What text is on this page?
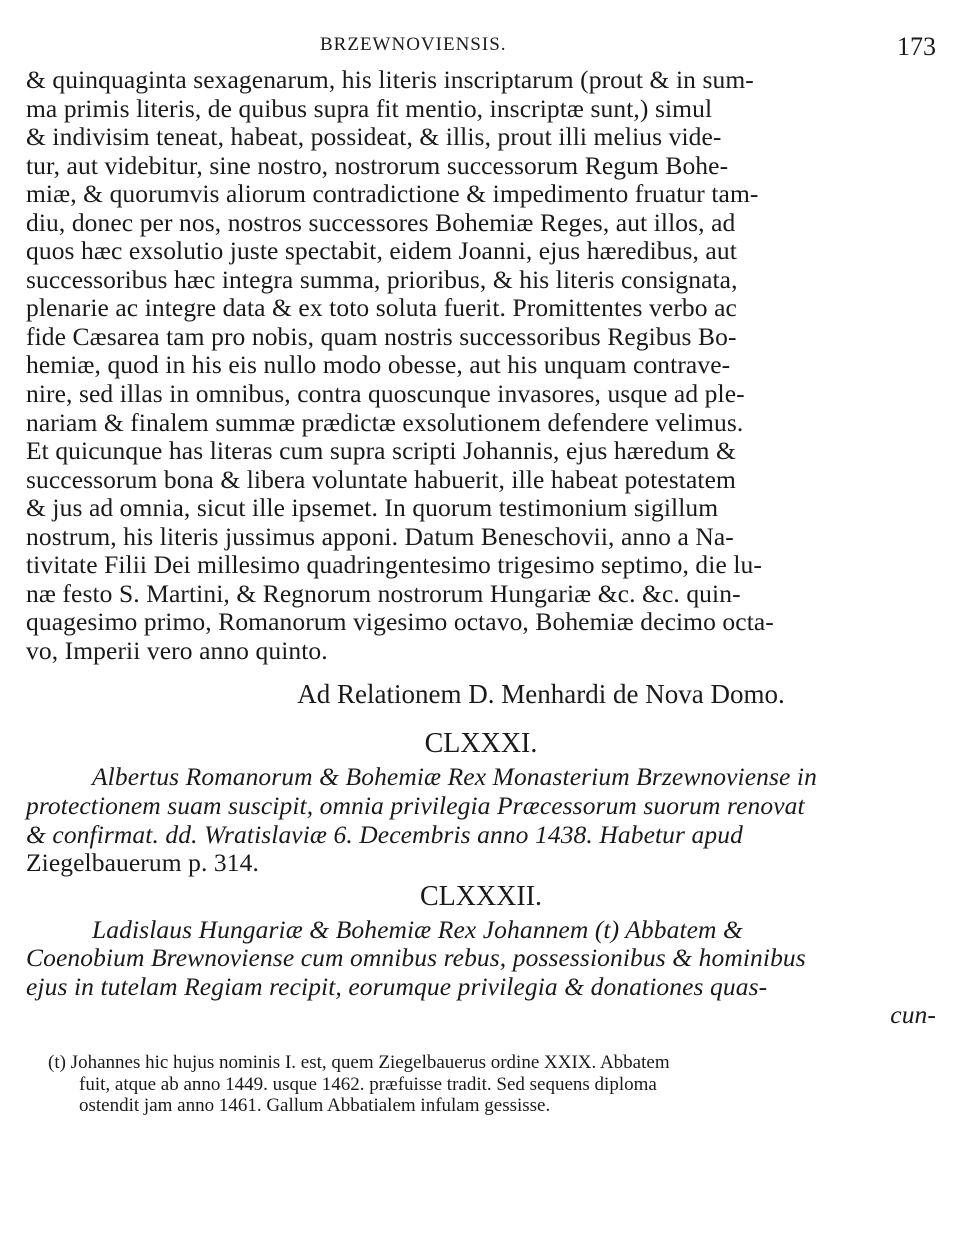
BRZEWNOVIENSIS.	173
& quinquaginta sexagenarum, his literis inscriptarum (prout & in sum-
ma primis literis, de quibus supra fit mentio, inscriptæ sunt,) simul
& indivisim teneat, habeat, possideat, & illis, prout illi melius vide-
tur, aut videbitur, sine nostro, nostrorum successorum Regum Bohe-
miæ, & quorumvis aliorum contradictione & impedimento fruatur tam-
diu, donec per nos, nostros successores Bohemiæ Reges, aut illos, ad
quos hæc exsolutio juste spectabit, eidem Joanni, ejus hæredibus, aut
successoribus hæc integra summa, prioribus, & his literis consignata,
plenarie ac integre data & ex toto soluta fuerit. Promittentes verbo ac
fide Cæsarea tam pro nobis, quam nostris successoribus Regibus Bo-
hemiæ, quod in his eis nullo modo obesse, aut his unquam contrave-
nire, sed illas in omnibus, contra quoscunque invasores, usque ad ple-
nariam & finalem summæ prædictæ exsolutionem defendere velimus.
Et quicunque has literas cum supra scripti Johannis, ejus hæredum &
successorum bona & libera voluntate habuerit, ille habeat potestatem
& jus ad omnia, sicut ille ipsemet. In quorum testimonium sigillum
nostrum, his literis jussimus apponi. Datum Beneschovii, anno a Na-
tivitate Filii Dei millesimo quadringentesimo trigesimo septimo, die lu-
næ festo S. Martini, & Regnorum nostrorum Hungariæ &c. &c. quin-
quagesimo primo, Romanorum vigesimo octavo, Bohemiæ decimo octa-
vo, Imperii vero anno quinto.
Ad Relationem D. Menhardi de Nova Domo.
CLXXXI.
Albertus Romanorum & Bohemiæ Rex Monasterium Brzewnoviense in
protectionem suam suscipit, omnia privilegia Præcessorum suorum renovat
& confirmat. dd. Wratislaviæ 6. Decembris anno 1438. Habetur apud
Ziegelbauerum p. 314.
CLXXXII.
Ladislaus Hungariæ & Bohemiæ Rex Johannem (t) Abbatem &
Coenobium Brewnoviense cum omnibus rebus, possessionibus & hominibus
ejus in tutelam Regiam recipit, eorumque privilegia & donationes quas-
cun-
(t) Johannes hic hujus nominis I. est, quem Ziegelbauerus ordine XXIX. Abbatem
fuit, atque ab anno 1449. usque 1462. præfuisse tradit. Sed sequens diploma
ostendit jam anno 1461. Gallum Abbatialem infulam gessisse.
